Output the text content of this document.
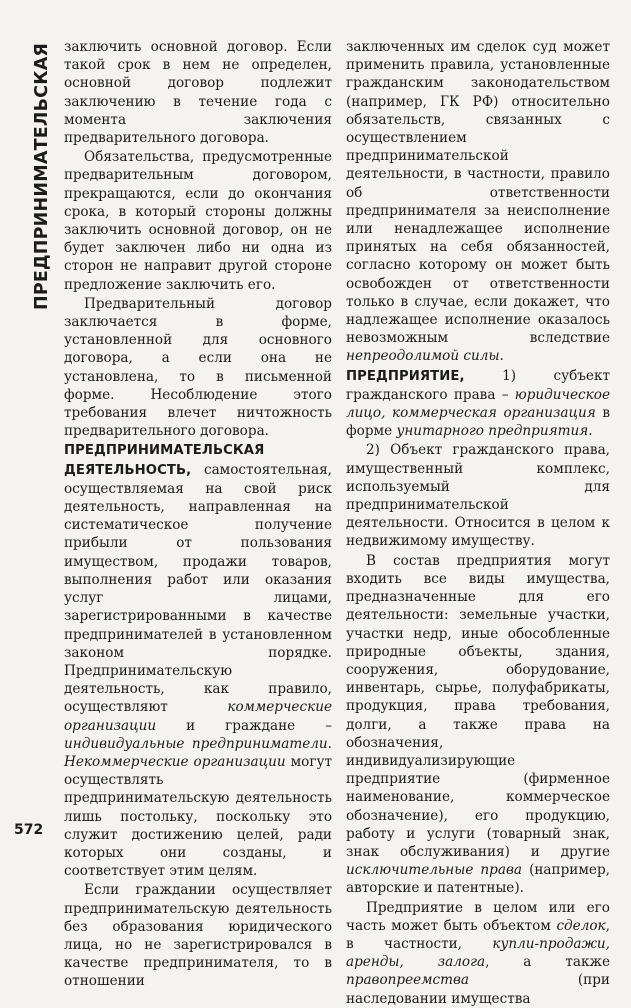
ПРЕДПРИНИМАТЕЛЬСКАЯ заключить основной договор. Если такой срок в нем не определен, основной договор подлежит заключению в течение года с момента заключения предварительного договора.

Обязательства, предусмотренные предварительным договором, прекращаются, если до окончания срока, в который стороны должны заключить основной договор, он не будет заключен либо ни одна из сторон не направит другой стороне предложение заключить его.

Предварительный договор заключается в форме, установленной для основного договора, а если она не установлена, то в письменной форме. Несоблюдение этого требования влечет ничтожность предварительного договора.

ПРЕДПРИНИМАТЕЛЬСКАЯ ДЕЯТЕЛЬНОСТЬ, самостоятельная, осуществляемая на свой риск деятельность, направленная на систематическое получение прибыли от пользования имуществом, продажи товаров, выполнения работ или оказания услуг лицами, зарегистрированными в качестве предпринимателей в установленном законом порядке. Предпринимательскую деятельность, как правило, осуществляют коммерческие организации и граждане – индивидуальные предприниматели. Некоммерческие организации могут осуществлять предпринимательскую деятельность лишь постольку, поскольку это служит достижению целей, ради которых они созданы, и соответствует этим целям.

Если граждании осуществляет предпринимательскую деятельность без образования юридического лица, но не зарегистрировался в качестве предпринимателя, то в отношении

заключенных им сделок суд может применить правила, установленные гражданским законодательством (например, ГК РФ) относительно обязательств, связанных с осуществлением предпринимательской деятельности, в частности, правило об ответственности предпринимателя за неисполнение или ненадлежащее исполнение принятых на себя обязанностей, согласно которому он может быть освобожден от ответственности только в случае, если докажет, что надлежащее исполнение оказалось невозможным вследствие непреодолимой силы.

ПРЕДПРИЯТИЕ, 1) субъект гражданского права – юридическое лицо, коммерческая организация в форме унитарного предприятия.

2) Объект гражданского права, имущественный комплекс, используемый для предпринимательской деятельности. Относится в целом к недвижимому имуществу.

В состав предприятия могут входить все виды имущества, предназначенные для его деятельности: земельные участки, участки недр, иные обособленные природные объекты, здания, сооружения, оборудование, инвентарь, сырье, полуфабрикаты, продукция, права требования, долги, а также права на обозначения, индивидуализирующие предприятие (фирменное наименование, коммерческое обозначение), его продукцию, работу и услуги (товарный знак, знак обслуживания) и другие исключительные права (например, авторские и патентные).

Предприятие в целом или его часть может быть объектом сделок, в частности, купли-продажи, аренды, залога, а также правопреемства (при наследовании имущества

572
